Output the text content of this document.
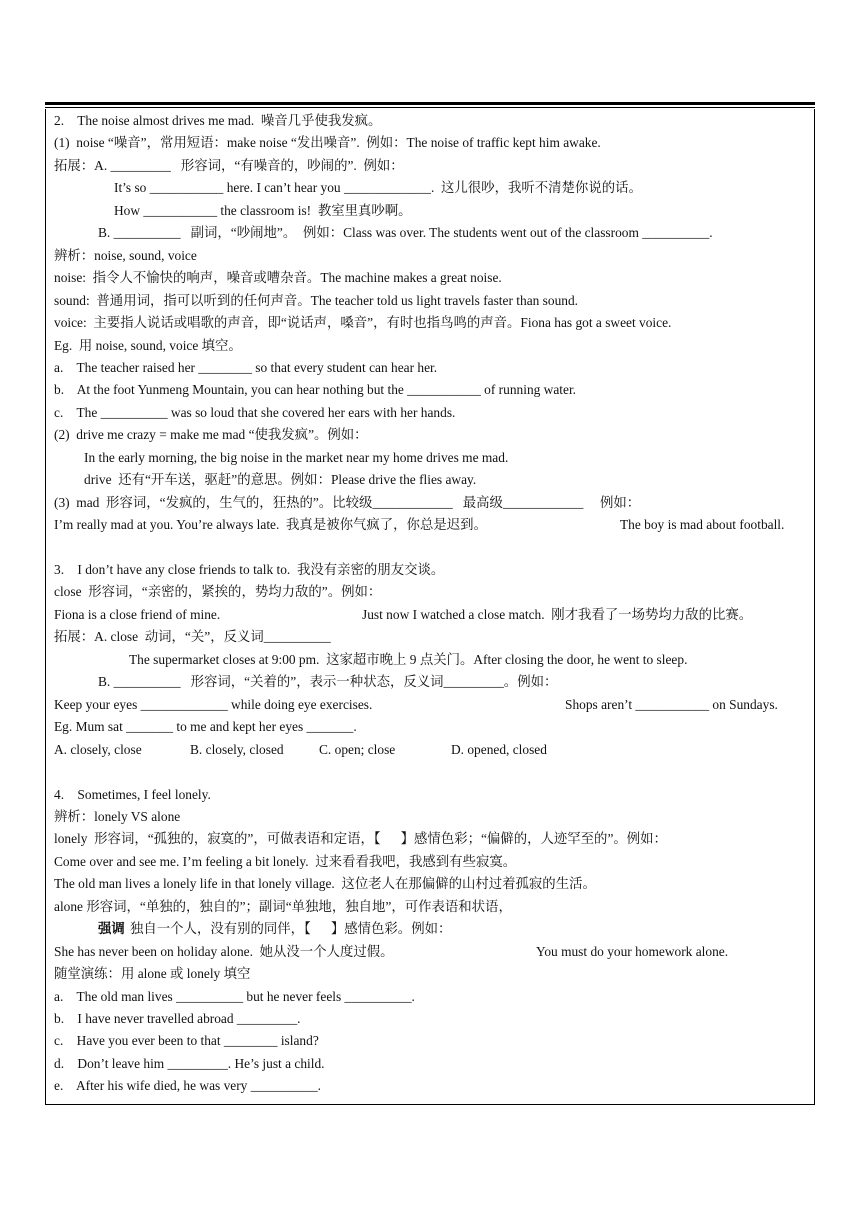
2.    The noise almost drives me mad.  噪音几乎使我发疯。
(1)  noise “噪音”，常用短语：make noise “发出噪音”.  例如：The noise of traffic kept him awake.
拓展：A. _________   形容词，“有噪音的，吵闹的”.  例如：
It’s so ___________ here. I can’t hear you _____________.  这儿很吵，我听不清楚你说的话。
How ___________ the classroom is!  教室里真吵啊。
B. __________   副词，“吵闹地”。  例如：Class was over. The students went out of the classroom __________.
辨析：noise, sound, voice
noise:  指令人不愉快的响声，噪音或嘈杂音。The machine makes a great noise.
sound:  普通用词，指可以听到的任何声音。The teacher told us light travels faster than sound.
voice:  主要指人说话或唱歌的声音，即“说话声，嗓音”，有时也指鸟鸣的声音。Fiona has got a sweet voice.
Eg.  用 noise, sound, voice 填空。
a.    The teacher raised her ________ so that every student can hear her.
b.    At the foot Yunmeng Mountain, you can hear nothing but the ___________ of running water.
c.    The __________ was so loud that she covered her ears with her hands.
(2)  drive me crazy = make me mad “使我发疯”。例如：
In the early morning, the big noise in the market near my home drives me mad.
drive  还有“开车送，驱赶”的意思。例如：Please drive the flies away.
(3)  mad  形容词，“发疯的，生气的，狂热的”。比较级____________   最高级____________     例如：
I’m really mad at you. You’re always late.  我真是被你气疯了，你总是迟到。	The boy is mad about football.
3.    I don’t have any close friends to talk to.  我没有亲密的朋友交谈。
close  形容词，“亲密的，紧挨的，势均力敌的”。例如：
Fiona is a close friend of mine.	Just now I watched a close match.  刚才我看了一场势均力敌的比赛。
拓展：A. close  动词，“关”，反义词__________
The supermarket closes at 9:00 pm.  这家超市晚上 9 点关门。After closing the door, he went to sleep.
B. __________   形容词，“关着的”，表示一种状态，反义词_________。例如：
Keep your eyes _____________ while doing eye exercises.	Shops aren’t ___________ on Sundays.
Eg. Mum sat _______ to me and kept her eyes _______.
A. closely, close	B. closely, closed	C. open; close	D. opened, closed
4.    Sometimes, I feel lonely.
辨析：lonely VS alone
lonely  形容词，“孤独的，寂寞的”，可做表语和定语，【      】感情色彩；“偏僻的，人迹罕至的”。例如：
Come over and see me. I’m feeling a bit lonely.  过来看看我吧，我感到有些寂寞。
The old man lives a lonely life in that lonely village.  这位老人在那偏僻的山村过着孤寂的生活。
alone 形容词，“单独的，独自的”；副词“单独地，独自地”，可作表语和状语，
强调 独自一个人，没有别的同伴，【      】感情色彩。例如：
She has never been on holiday alone.  她从没一个人度过假。	You must do your homework alone.
随堂演练：用 alone 或 lonely 填空
a.    The old man lives __________ but he never feels __________.
b.    I have never travelled abroad _________.
c.    Have you ever been to that ________ island?
d.    Don’t leave him _________. He’s just a child.
e.    After his wife died, he was very __________.
